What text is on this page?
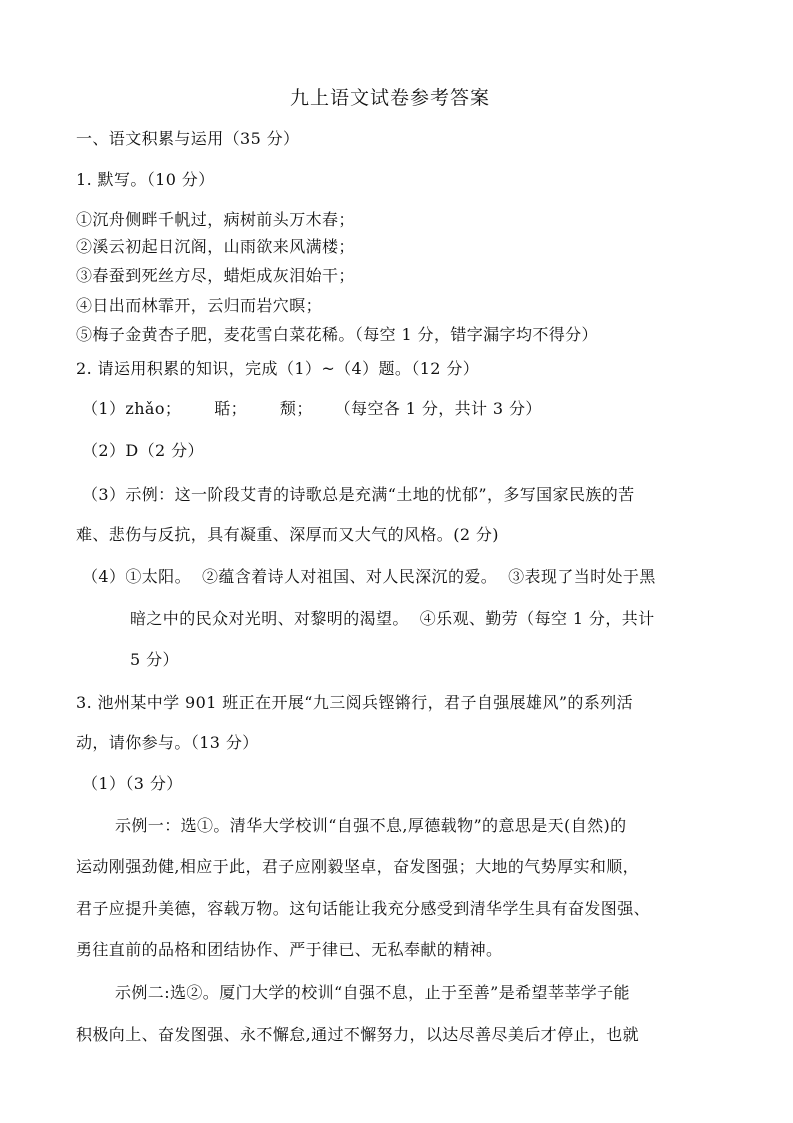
九上语文试卷参考答案
一、语文积累与运用（35 分）
1. 默写。（10 分）
①沉舟侧畔千帆过，病树前头万木春；
②溪云初起日沉阁，山雨欲来风满楼；
③春蚕到死丝方尽，蜡炬成灰泪始干；
④日出而林霏开，云归而岩穴暝；
⑤梅子金黄杏子肥，麦花雪白菜花稀。（每空 1 分，错字漏字均不得分）
2. 请运用积累的知识，完成（1）~（4）题。（12 分）
（1）zhǎo；      聒；      颓；    （每空各 1 分，共计 3 分）
（2）D（2 分）
（3）示例：这一阶段艾青的诗歌总是充满“土地的忧郁”，多写国家民族的苦
难、悲伤与反抗，具有凝重、深厚而又大气的风格。(2 分)
（4）①太阳。  ②蕴含着诗人对祖国、对人民深沉的爱。  ③表现了当时处于黑
暗之中的民众对光明、对黎明的渴望。  ④乐观、勤劳（每空 1 分，共计
5 分）
3. 池州某中学 901 班正在开展“九三阅兵铿锵行，君子自强展雄风”的系列活
动，请你参与。（13 分）
（1）（3 分）
示例一：选①。清华大学校训“自强不息,厚德载物”的意思是天(自然)的
运动刚强劲健,相应于此，君子应刚毅坚卓，奋发图强；大地的气势厚实和顺，
君子应提升美德，容载万物。这句话能让我充分感受到清华学生具有奋发图强、
勇往直前的品格和团结协作、严于律已、无私奉献的精神。
示例二:选②。厦门大学的校训“自强不息，止于至善”是希望莘莘学子能
积极向上、奋发图强、永不懈怠,通过不懈努力，以达尽善尽美后才停止，也就
